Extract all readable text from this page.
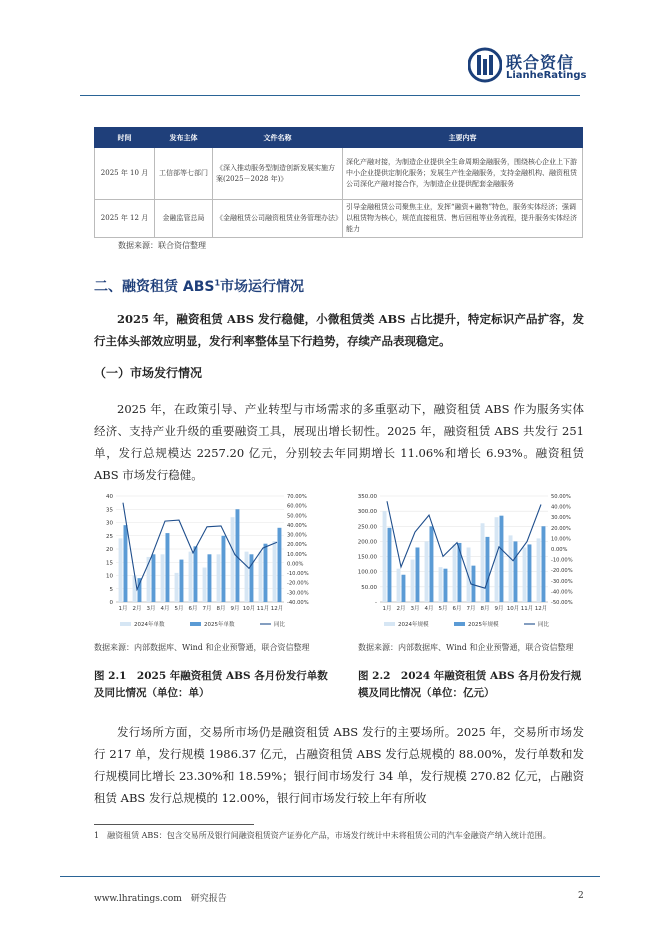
联合资信
LianheRatings
时间	发布主体	文件名称	主要内容
2025 年 10 月	工信部等七部门	《深入推动服务型制造创新发展实施方案(2025－2028 年)》	深化产融对接，为制造企业提供全生命周期金融服务，围绕核心企业上下游中小企业提供定制化服务；发展生产性金融服务，支持金融机构、融资租赁公司深化产融对接合作，为制造企业提供配套金融服务
2025 年 12 月	金融监管总局	《金融租赁公司融资租赁业务管理办法》	引导金融租赁公司聚焦主业，发挥“融资+融物”特色，服务实体经济；强调以租赁物为核心，规范直接租赁、售后回租等业务流程，提升服务实体经济能力
数据来源：联合资信整理
二、融资租赁 ABS$^1$市场运行情况
2025 年，融资租赁 ABS 发行稳健，小微租赁类 ABS 占比提升，特定标识产品扩容，发行主体头部效应明显，发行利率整体呈下行趋势，存续产品表现稳定。
（一）市场发行情况
2025 年，在政策引导、产业转型与市场需求的多重驱动下，融资租赁 ABS 作为服务实体经济、支持产业升级的重要融资工具，展现出增长韧性。2025 年，融资租赁 ABS 共发行 251 单，发行总规模达 2257.20 亿元，分别较去年同期增长 11.06%和增长 6.93%。融资租赁 ABS 市场发行稳健。
0
5
10
15
20
25
30
35
40
-40.00%
-30.00%
-20.00%
-10.00%
0.00%
10.00%
20.00%
30.00%
40.00%
50.00%
60.00%
70.00%
1月 2月 3月 4月 5月 6月 7月 8月 9月 10月 11月 12月
2024年单数	2025年单数	同比
数据来源：内部数据库、Wind 和企业预警通，联合资信整理
图 2.1　2025 年融资租赁 ABS 各月份发行单数及同比情况（单位：单）
-
50.00
100.00
150.00
200.00
250.00
300.00
350.00
-50.00%
-40.00%
-30.00%
-20.00%
-10.00%
0.00%
10.00%
20.00%
30.00%
40.00%
50.00%
1月 2月 3月 4月 5月 6月 7月 8月 9月 10月 11月 12月
2024年规模	2025年规模	同比
数据来源：内部数据库、Wind 和企业预警通，联合资信整理
图 2.2　2024 年融资租赁 ABS 各月份发行规模及同比情况（单位：亿元）
发行场所方面，交易所市场仍是融资租赁 ABS 发行的主要场所。2025 年，交易所市场发行 217 单，发行规模 1986.37 亿元，占融资租赁 ABS 发行总规模的 88.00%，发行单数和发行规模同比增长 23.30%和 18.59%；银行间市场发行 34 单，发行规模 270.82 亿元，占融资租赁 ABS 发行总规模的 12.00%，银行间市场发行较上年有所收
1　融资租赁 ABS：包含交易所及银行间融资租赁资产证券化产品，市场发行统计中未将租赁公司的汽车金融资产纳入统计范围。
www.lhratings.com　 研究报告	2
